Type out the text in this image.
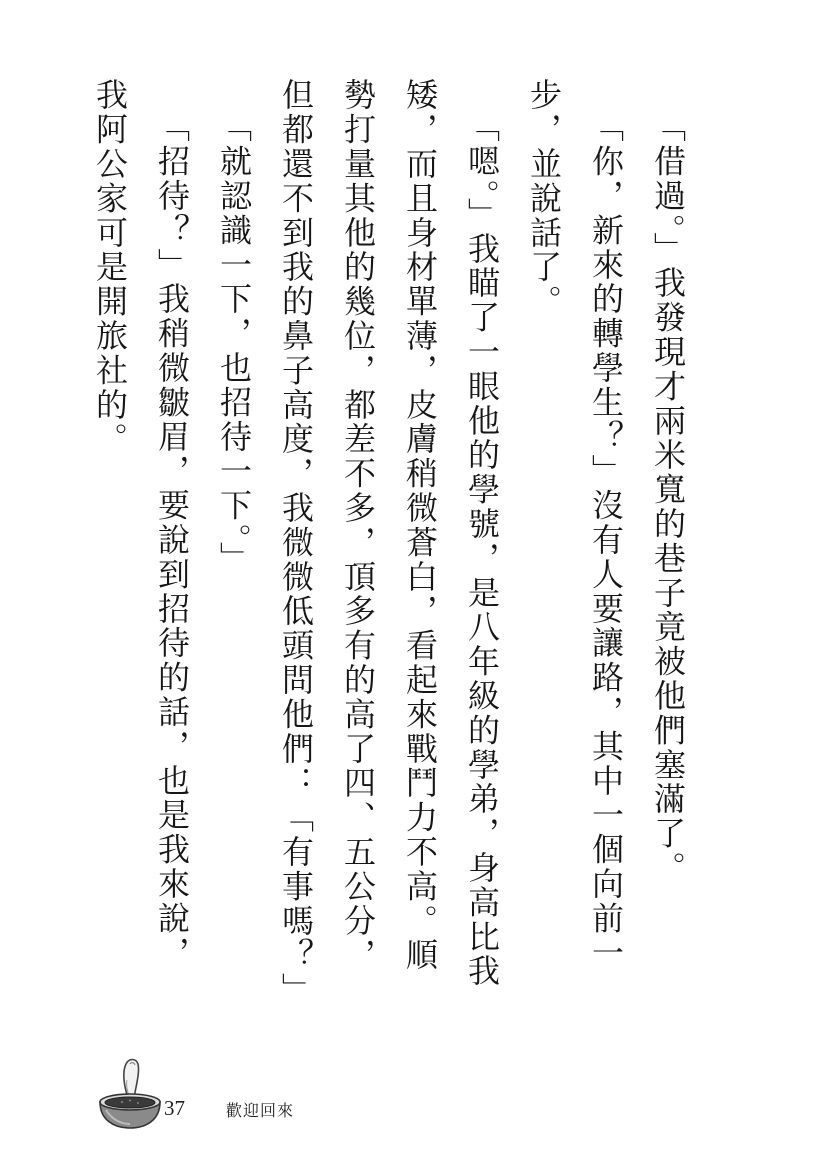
「借過。」我發現才兩米寬的巷子竟被他們塞滿了。

「你，新來的轉學生？」沒有人要讓路，其中一個向前一步，並說話了。

「嗯。」我瞄了一眼他的學號，是八年級的學弟，身高比我矮，而且身材單薄，皮膚稍微蒼白，看起來戰鬥力不高。順勢打量其他的幾位，都差不多，頂多有的高了四、五公分，但都還不到我的鼻子高度，我微微低頭問他們：「有事嗎？」

「就認識一下，也招待一下。」

「招待？」我稍微皺眉，要說到招待的話，也是我來說，我阿公家可是開旅社的。

37	歡迎回來
